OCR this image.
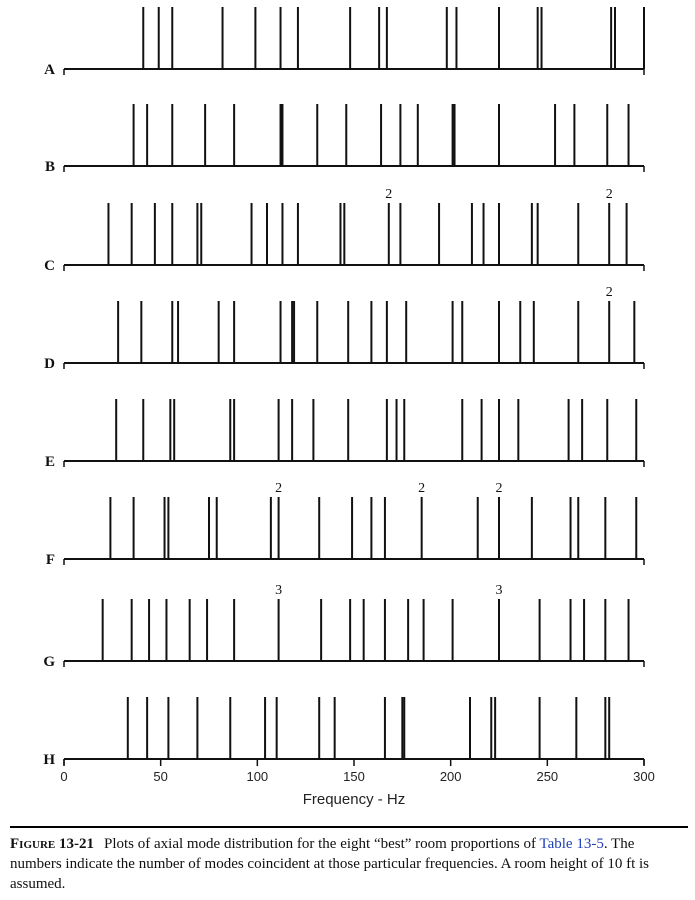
A
B
C
2	2
D
2
E
F
2	2	2
G
3	3
H
0	50	100	150	200	250	300
Frequency - Hz
Figure 13-21 Plots of axial mode distribution for the eight “best” room proportions of Table 13-5. The numbers indicate the number of modes coincident at those particular frequencies. A room height of 10 ft is assumed.
